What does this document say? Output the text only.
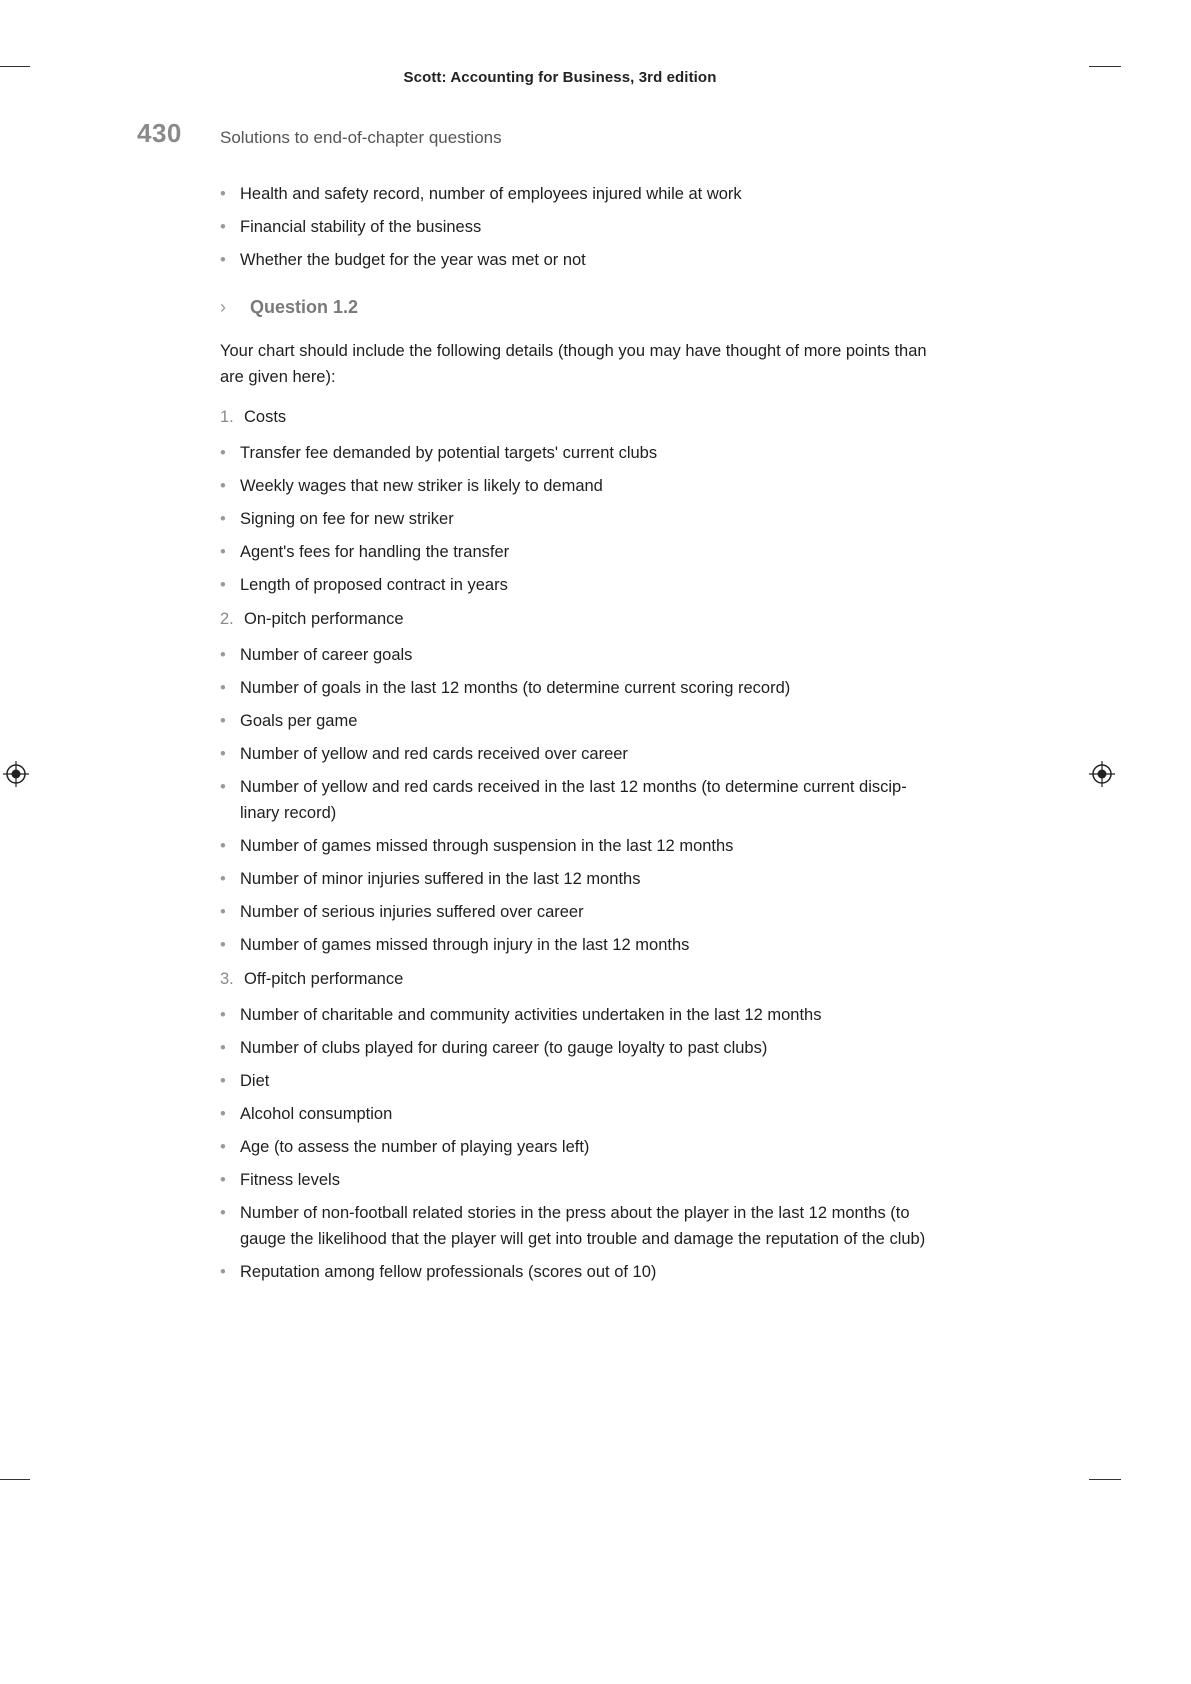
Scott: Accounting for Business, 3rd edition
430 Solutions to end-of-chapter questions
• Health and safety record, number of employees injured while at work
• Financial stability of the business
• Whether the budget for the year was met or not
›	Question 1.2

Your chart should include the following details (though you may have thought of more points than are given here):

1. Costs
• Transfer fee demanded by potential targets' current clubs
• Weekly wages that new striker is likely to demand
• Signing on fee for new striker
• Agent's fees for handling the transfer
• Length of proposed contract in years
2. On-pitch performance
• Number of career goals
• Number of goals in the last 12 months (to determine current scoring record)
• Goals per game
• Number of yellow and red cards received over career
• Number of yellow and red cards received in the last 12 months (to determine current discip-linary record)
• Number of games missed through suspension in the last 12 months
• Number of minor injuries suffered in the last 12 months
• Number of serious injuries suffered over career
• Number of games missed through injury in the last 12 months
3. Off-pitch performance
• Number of charitable and community activities undertaken in the last 12 months
• Number of clubs played for during career (to gauge loyalty to past clubs)
• Diet
• Alcohol consumption
• Age (to assess the number of playing years left)
• Fitness levels
• Number of non-football related stories in the press about the player in the last 12 months (to gauge the likelihood that the player will get into trouble and damage the reputation of the club)
• Reputation among fellow professionals (scores out of 10)
